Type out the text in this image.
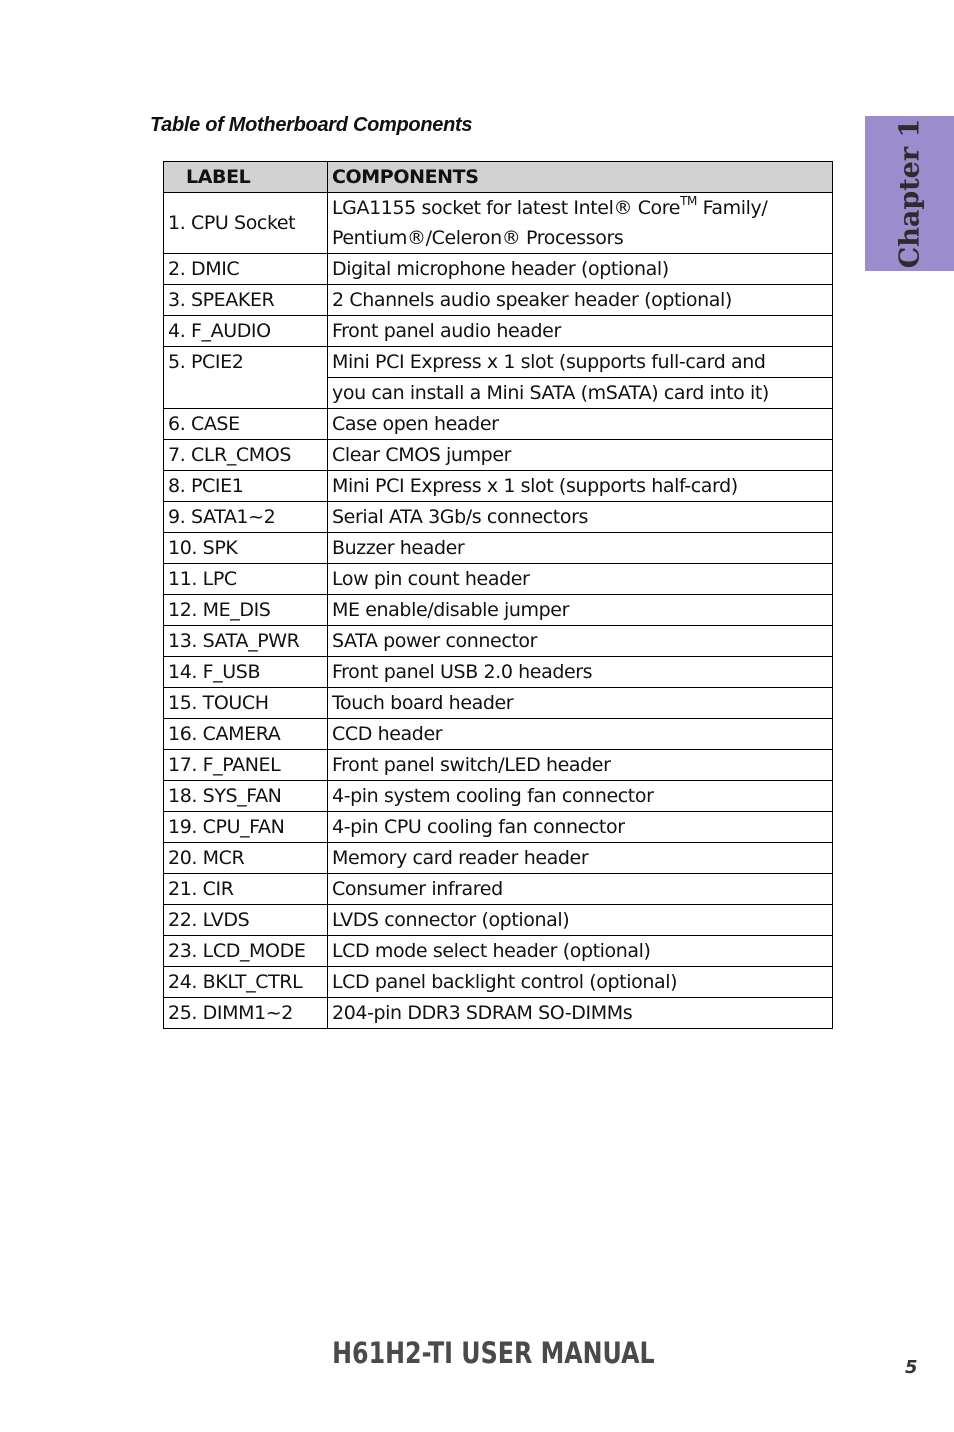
Table of Motherboard Components
LABEL	COMPONENTS
1. CPU Socket	LGA1155 socket for latest Intel® Core™ Family/
Pentium®/Celeron® Processors
2. DMIC	Digital microphone header (optional)
3. SPEAKER	2 Channels audio speaker header (optional)
4. F_AUDIO	Front panel audio header
5. PCIE2	Mini PCI Express x 1 slot (supports full-card and
	you can install a Mini SATA (mSATA) card into it)
6. CASE	Case open header
7. CLR_CMOS	Clear CMOS jumper
8. PCIE1	Mini PCI Express x 1 slot (supports half-card)
9. SATA1~2	Serial ATA 3Gb/s connectors
10. SPK	Buzzer header
11. LPC	Low pin count header
12. ME_DIS	ME enable/disable jumper
13. SATA_PWR	SATA power connector
14. F_USB	Front panel USB 2.0 headers
15. TOUCH	Touch board header
16. CAMERA	CCD header
17. F_PANEL	Front panel switch/LED header
18. SYS_FAN	4-pin system cooling fan connector
19. CPU_FAN	4-pin CPU cooling fan connector
20. MCR	Memory card reader header
21. CIR	Consumer infrared
22. LVDS	LVDS connector (optional)
23. LCD_MODE	LCD mode select header (optional)
24. BKLT_CTRL	LCD panel backlight control (optional)
25. DIMM1~2	204-pin DDR3 SDRAM SO-DIMMs
Chapter 1
H61H2-TI USER MANUAL	5
